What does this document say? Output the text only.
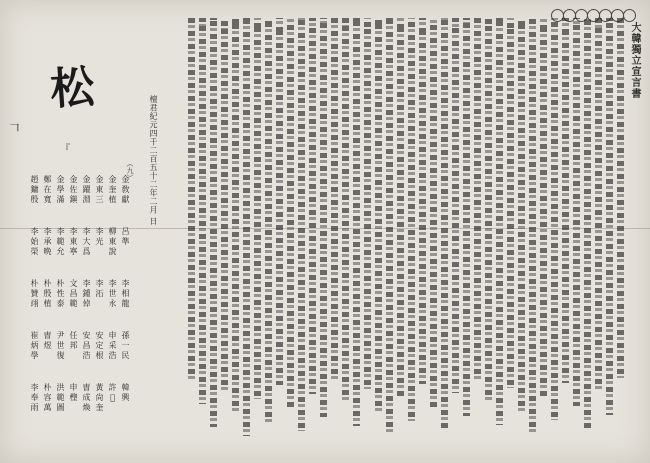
大韓獨立宣言書
檀君紀元四千二百五十二年二月 日
松
𠃍
『
（九）
金敎獻
金奎植
金東三
金躍淵
金佐鎭
金學滿
鄭在寬
趙鏞殷
呂準
柳東說
李光
李大爲
李東寧
李範允
李承晩
李始榮
李相龍
李世永
李沰
李鍾倬
文昌範
朴性泰
朴殷植
朴贊翊
孫一民
申采浩
安定根
安昌浩
任邦
尹世復
曺煜
崔炳學
韓興
許𤇋
黃尙奎
曺成煥
申檉
洪範圖
朴容萬
李奉雨
